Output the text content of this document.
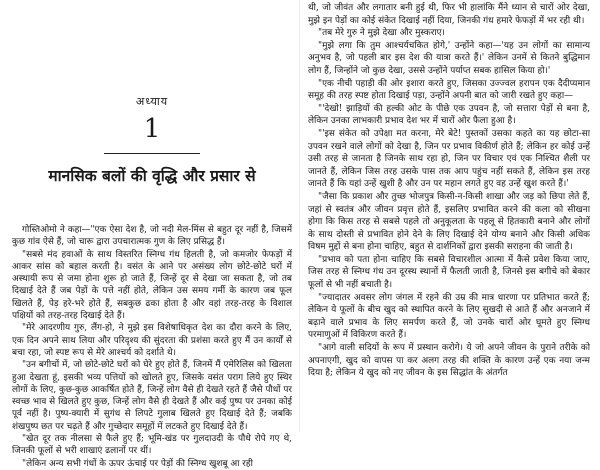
अध्याय
1
मानसिक बलों की वृद्धि और प्रसार से

गोस्तिओमो ने कहा—"एक ऐसा देश है, जो नदी मेल-मिंस से बहुत दूर नहीं है, जिसमें कुछ गांव ऐसे हैं, जो चारू द्वारा उपचारात्मक गुण के लिए प्रसिद्ध हैं।

"सबसे मंद हवाओं के साथ विस्तरित स्निग्ध गंध हिलती है, जो कमजोर फेफड़ों में आकर सांस को बहाल करती है। वसंत के आने पर असंख्य लोग छोटे-छोटे घरों में अस्थायी रूप से जमा होना शुरू हो जाते हैं, जिन्हें दूर से देखा जा सकता है, जो तब दिखाई देते हैं जब पेड़ों के पत्ते नहीं होते, लेकिन उस समय गर्मी के कारण जब फूल खिलते हैं, पेड़ हरे-भरे होते हैं, सबकुछ ढका होता है और वहां तरह-तरह के विशाल पक्षियों को तरह-तरह दिखाई देते हैं।

"मेरे आदरणीय गुरु, लैंग-हो, ने मुझे इस विशेषाधिकृत देश का दौरा करने के लिए, एक दिन अपने साथ लिया और परिदृश्य की सुंदरता की प्रशंसा करते हुए मैं उन कार्यों से बचा रहा, जो स्पष्ट रूप से मेरे आश्चर्य को दर्शाते थे।

"उन बगीचों में, जो छोटे-छोटे घरों को घेरे हुए होते हैं, जिनमें मैं एमेरिलिस को खिलता हुआ देखता हूं, इसकी भव्य पत्तियों को खोलते हुए, जिसके वसंत पराग लिये हुए स्थिर लोगों के लिए, कुछ-कुछ आकर्षित होते हैं, जिन्हें लोग वैसे ही देखते रहते हैं जैसे पौधों पर स्वच्छ भाव से खिलते हुए कुछ, जिन्हें लोग वैसे ही देखते हैं और कई पुष्प पर उनका कोई पूर्व नहीं है। पुष्प-क्यारी में सुगंध से लिपटे गुलाब खिलते हुए दिखाई देते हैं; जबकि शंखपुष्प छत पर चढ़ते हैं और गुच्छेदार समूहों में लटकते हुए दिखाई देते हैं।

"खेत दूर तक नीलसा से फैले हुए हैं; भूमि-खंड पर गुलदाउदी के पौधे रोपे गए थे, जिनकी फूलों से भरी शाखाएं ढलानों पर थीं।

"लेकिन अन्य सभी गंधों के ऊपर ऊंचाई पर पेड़ों की स्निग्ध खुशबू आ रही

थी, जो जीवंत और लगातार बनी हुई थी, फिर भी हालांकि मैंने ध्यान से चारों ओर देखा, मुझे इन पेड़ों का कोई संकेत दिखाई नहीं दिया, जिनकी गंध हमारे फेफड़ों में भर रही थी।

"तब मेरे गुरु ने मुझे देखा और मुस्कराए।

"मुझे लगा कि तुम आश्चर्यचकित होगे,' उन्होंने कहा—'यह उन लोगों का सामान्य अनुभव है, जो पहली बार इस देश की यात्रा करते हैं।' लेकिन उनमें से कितने बुद्धिमान लोग हैं, जिन्होंने जो कुछ देखा, उससे उन्होंने पर्याप्त सबक हासिल किया हो।'

"एक नीची पहाड़ी की ओर इशारा करते हुए, जिसका उज्ज्वल हरापन एक दैदीप्यमान समूह की तरह स्पष्ट होता दिखाई पड़ा, उन्होंने अपनी बात को जारी रखते हुए कहा—

"'देखो! झाड़ियों की हल्की ओट के पीछे एक उपवन है, जो सत्तारा पेड़ों से बना है, लेकिन उनका लाभकारी प्रभाव देश भर में चारों ओर फैला हुआ है।

"'इस संकेत को उपेक्षा मत करना, मेरे बेटे! पुस्तकों उसका कहते का यह छोटा-सा उपवन रखने वाले लोगों को देखा है, जिन पर प्रभाव विकीर्ण होते हैं; लेकिन हर कोई उन्हें उसी तरह से जानता है जिनके साथ रहा हो, जिन पर विचार एवं एक निश्चित शैली पर जानते हैं, लेकिन जिस तरह उसके पास तक आप पहुंच नहीं सकते हैं, लेकिन इस तरह जानते हैं कि यहां उन्हें खुशी है और उन पर महान लगते हुए वह उन्हें खुश करते हैं।'

"जैसा कि प्रकाश और तुच्छ भोजपुत्र किसी-न-किसी शाखा और जड़ को छिपा लेते हैं, जहां से स्वतंत्र और जीवन प्रवृत्त होते हैं, इसलिए प्रभावित करने की कला को सीखना होगा कि किस तरह से सबसे पहले तो अनुकूलता के पहलू से हितकारी बनाने और लोगों के साथ दोस्ती से प्रभावित होने देने के लिए दिखाई देने योग्य बनाने और किसी अधिक विषम मुद्दों से बना होना चाहिए, बहुत से दार्शनिकों द्वारा इसकी सराहना की जाती है।

"प्रभाव को पता होना चाहिए कि सबसे विचारशील आत्मा में कैसे प्रवेश किया जाए, जिस तरह से स्निग्ध गंध उन दूरस्थ स्थानों में फैलती जाती है, जिनसे इस बगीचे को बेकार फूलों से भी नहीं बचाती है।

"ज्यादातर अवसर लोग जंगल में रहने की उम्र की मात्र धारणा पर प्रतिभात करते हैं; लेकिन ये फूलों के बीच खुद को स्थापित करने के लिए सुखदी से आते हैं और अनजाने में बढ़ाने वाले प्रभाव के लिए समर्पण करते हैं, जो उनके चारों ओर घूमते हुए स्निग्ध परमाणुओं में विकिरण करते हैं।

"आगे वाली सदियों के रूप में प्रस्थान करोगे। ये जो अपने जीवन के पुराने तरीके को अपनाएगी, खुद को वापस पा कर अलग तरह की शक्ति के कारण उन्हें एक नया जन्म दिया है; लेकिन ये खुद को नए जीवन के इस सिद्धांत के अंतर्गत
